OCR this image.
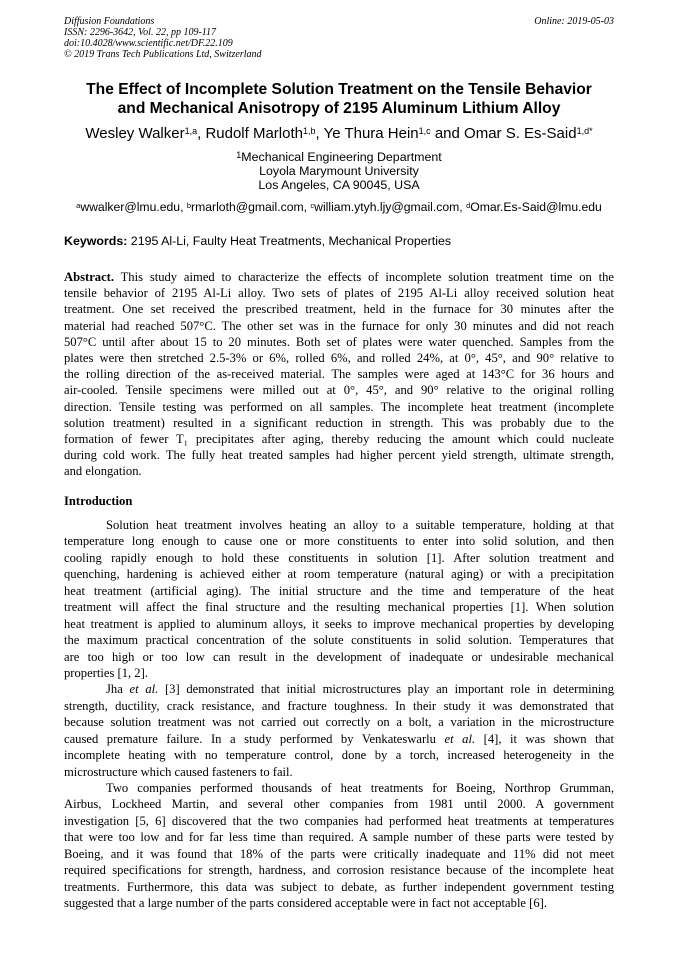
Diffusion Foundations
ISSN: 2296-3642, Vol. 22, pp 109-117
doi:10.4028/www.scientific.net/DF.22.109
© 2019 Trans Tech Publications Ltd, Switzerland
Online: 2019-05-03
The Effect of Incomplete Solution Treatment on the Tensile Behavior
and Mechanical Anisotropy of 2195 Aluminum Lithium Alloy
Wesley Walker$^{1,a}$, Rudolf Marloth$^{1,b}$, Ye Thura Hein$^{1,c}$ and Omar S. Es-Said$^{1,d*}$
$^1$Mechanical Engineering Department
Loyola Marymount University
Los Angeles, CA 90045, USA
$^a$wwalker@lmu.edu, $^b$rmarloth@gmail.com, $^c$william.ytyh.ljy@gmail.com, $^d$Omar.Es-Said@lmu.edu
Keywords: 2195 Al-Li, Faulty Heat Treatments, Mechanical Properties
Abstract. This study aimed to characterize the effects of incomplete solution treatment time on the
tensile behavior of 2195 Al-Li alloy. Two sets of plates of 2195 Al-Li alloy received solution heat
treatment. One set received the prescribed treatment, held in the furnace for 30 minutes after the
material had reached 507°C. The other set was in the furnace for only 30 minutes and did not reach
507°C until after about 15 to 20 minutes. Both set of plates were water quenched. Samples from the
plates were then stretched 2.5-3% or 6%, rolled 6%, and rolled 24%, at 0°, 45°, and 90° relative to
the rolling direction of the as-received material. The samples were aged at 143°C for 36 hours and
air-cooled. Tensile specimens were milled out at 0°, 45°, and 90° relative to the original rolling
direction. Tensile testing was performed on all samples. The incomplete heat treatment (incomplete
solution treatment) resulted in a significant reduction in strength. This was probably due to the
formation of fewer T₁ precipitates after aging, thereby reducing the amount which could nucleate
during cold work. The fully heat treated samples had higher percent yield strength, ultimate strength,
and elongation.
Introduction
Solution heat treatment involves heating an alloy to a suitable temperature, holding at that
temperature long enough to cause one or more constituents to enter into solid solution, and then
cooling rapidly enough to hold these constituents in solution [1]. After solution treatment and
quenching, hardening is achieved either at room temperature (natural aging) or with a precipitation
heat treatment (artificial aging). The initial structure and the time and temperature of the heat
treatment will affect the final structure and the resulting mechanical properties [1]. When solution
heat treatment is applied to aluminum alloys, it seeks to improve mechanical properties by developing
the maximum practical concentration of the solute constituents in solid solution. Temperatures that
are too high or too low can result in the development of inadequate or undesirable mechanical
properties [1, 2].
Jha et al. [3] demonstrated that initial microstructures play an important role in determining
strength, ductility, crack resistance, and fracture toughness. In their study it was demonstrated that
because solution treatment was not carried out correctly on a bolt, a variation in the microstructure
caused premature failure. In a study performed by Venkateswarlu et al. [4], it was shown that
incomplete heating with no temperature control, done by a torch, increased heterogeneity in the
microstructure which caused fasteners to fail.
Two companies performed thousands of heat treatments for Boeing, Northrop Grumman,
Airbus, Lockheed Martin, and several other companies from 1981 until 2000. A government
investigation [5, 6] discovered that the two companies had performed heat treatments at temperatures
that were too low and for far less time than required. A sample number of these parts were tested by
Boeing, and it was found that 18% of the parts were critically inadequate and 11% did not meet
required specifications for strength, hardness, and corrosion resistance because of the incomplete heat
treatments. Furthermore, this data was subject to debate, as further independent government testing
suggested that a large number of the parts considered acceptable were in fact not acceptable [6].
